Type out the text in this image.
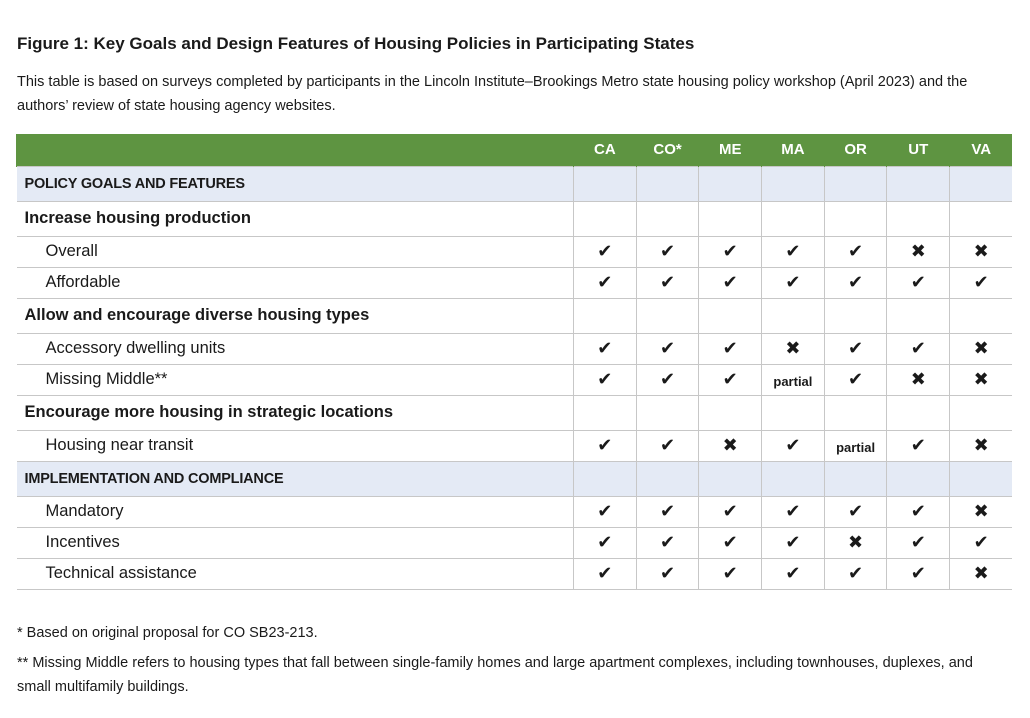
Figure 1: Key Goals and Design Features of Housing Policies in Participating States
This table is based on surveys completed by participants in the Lincoln Institute–Brookings Metro state housing policy workshop (April 2023) and the authors’ review of state housing agency websites.
	CA	CO*	ME	MA	OR	UT	VA
POLICY GOALS AND FEATURES							
Increase housing production							
Overall	✔	✔	✔	✔	✔	✖	✖
Affordable	✔	✔	✔	✔	✔	✔	✔
Allow and encourage diverse housing types							
Accessory dwelling units	✔	✔	✔	✖	✔	✔	✖
Missing Middle**	✔	✔	✔	partial	✔	✖	✖
Encourage more housing in strategic locations							
Housing near transit	✔	✔	✖	✔	partial	✔	✖
IMPLEMENTATION AND COMPLIANCE							
Mandatory	✔	✔	✔	✔	✔	✔	✖
Incentives	✔	✔	✔	✔	✖	✔	✔
Technical assistance	✔	✔	✔	✔	✔	✔	✖
* Based on original proposal for CO SB23-213.
** Missing Middle refers to housing types that fall between single-family homes and large apartment complexes, including townhouses, duplexes, and small multifamily buildings.
